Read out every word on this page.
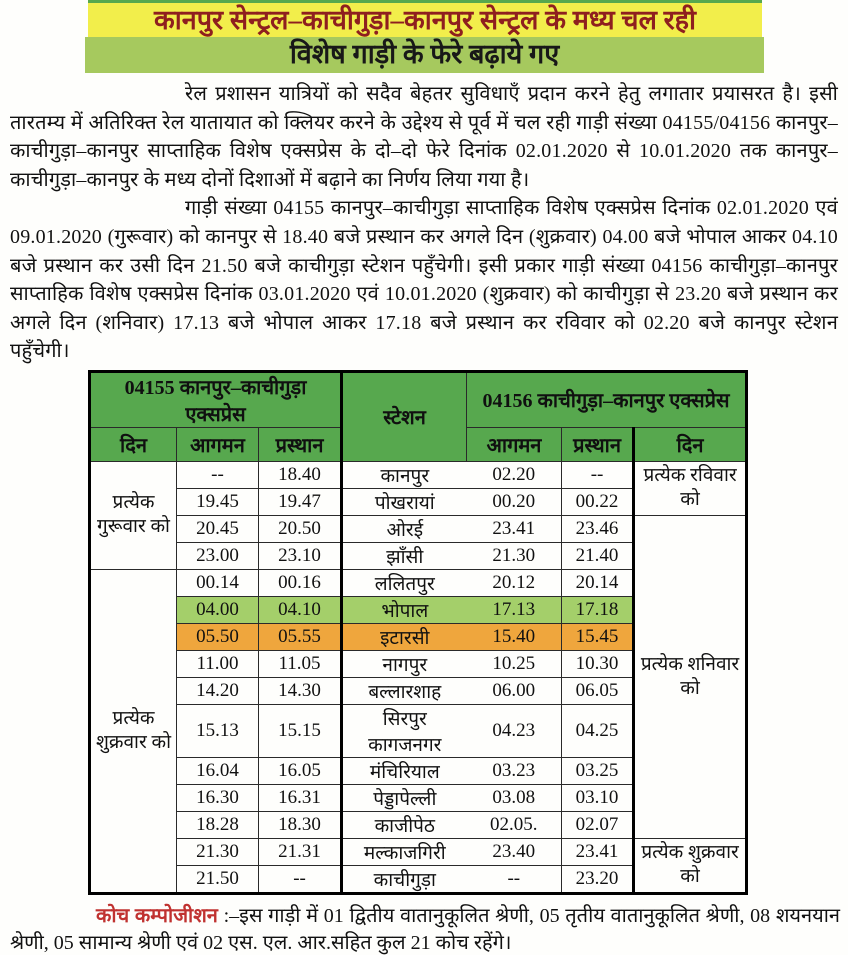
कानपुर सेन्ट्रल–काचीगुड़ा–कानपुर सेन्ट्रल के मध्य चल रही
विशेष गाड़ी के फेरे बढ़ाये गए

रेल प्रशासन यात्रियों को सदैव बेहतर सुविधाएँ प्रदान करने हेतु लगातार प्रयासरत है। इसी तारतम्य में अतिरिक्त रेल यातायात को क्लियर करने के उद्देश्य से पूर्व में चल रही गाड़ी संख्या 04155/04156 कानपुर–काचीगुड़ा–कानपुर साप्ताहिक विशेष एक्सप्रेस के दो–दो फेरे दिनांक 02.01.2020 से 10.01.2020 तक कानपुर–काचीगुड़ा–कानपुर के मध्य दोनों दिशाओं में बढ़ाने का निर्णय लिया गया है।

गाड़ी संख्या 04155 कानपुर–काचीगुड़ा साप्ताहिक विशेष एक्सप्रेस दिनांक 02.01.2020 एवं 09.01.2020 (गुरूवार) को कानपुर से 18.40 बजे प्रस्थान कर अगले दिन (शुक्रवार) 04.00 बजे भोपाल आकर 04.10 बजे प्रस्थान कर उसी दिन 21.50 बजे काचीगुड़ा स्टेशन पहुँचेगी। इसी प्रकार गाड़ी संख्या 04156 काचीगुड़ा–कानपुर साप्ताहिक विशेष एक्सप्रेस दिनांक 03.01.2020 एवं 10.01.2020 (शुक्रवार) को काचीगुड़ा से 23.20 बजे प्रस्थान कर अगले दिन (शनिवार) 17.13 बजे भोपाल आकर 17.18 बजे प्रस्थान कर रविवार को 02.20 बजे कानपुर स्टेशन पहुँचेगी।

04155 कानपुर–काचीगुड़ा एक्सप्रेस			स्टेशन	04156 काचीगुड़ा–कानपुर एक्सप्रेस		
दिन	आगमन	प्रस्थान		आगमन	प्रस्थान	दिन
प्रत्येक गुरूवार को	--	18.40	कानपुर	02.20	--	प्रत्येक रविवार को
	19.45	19.47	पोखरायां	00.20	00.22	
	20.45	20.50	ओरई	23.41	23.46	प्रत्येक शनिवार को
	23.00	23.10	झाँसी	21.30	21.40	
प्रत्येक शुक्रवार को	00.14	00.16	ललितपुर	20.12	20.14	
	04.00	04.10	भोपाल	17.13	17.18	
	05.50	05.55	इटारसी	15.40	15.45	
	11.00	11.05	नागपुर	10.25	10.30	
	14.20	14.30	बल्लारशाह	06.00	06.05	
	15.13	15.15	सिरपुर कागजनगर	04.23	04.25	
	16.04	16.05	मंचिरियाल	03.23	03.25	
	16.30	16.31	पेड्डापेल्ली	03.08	03.10	
	18.28	18.30	काजीपेठ	02.05.	02.07	
	21.30	21.31	मल्काजगिरी	23.40	23.41	प्रत्येक शुक्रवार को
	21.50	--	काचीगुड़ा	--	23.20	

कोच कम्पोजीशन :–इस गाड़ी में 01 द्वितीय वातानुकूलित श्रेणी, 05 तृतीय वातानुकूलित श्रेणी, 08 शयनयान श्रेणी, 05 सामान्य श्रेणी एवं 02 एस. एल. आर.सहित कुल 21 कोच रहेंगे।
